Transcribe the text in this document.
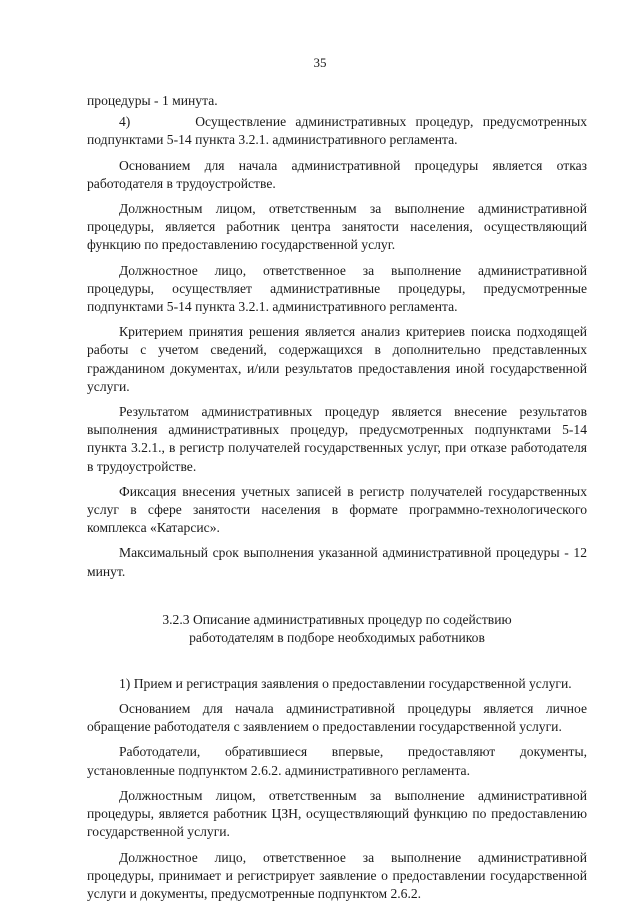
35

процедуры - 1 минута.

4)       Осуществление административных процедур, предусмотренных подпунктами 5-14 пункта 3.2.1. административного регламента.

Основанием для начала административной процедуры является отказ работодателя в трудоустройстве.

Должностным лицом, ответственным за выполнение административной процедуры, является работник центра занятости населения, осуществляющий функцию по предоставлению государственной услуг.

Должностное лицо, ответственное за выполнение административной процедуры, осуществляет административные процедуры, предусмотренные подпунктами 5-14 пункта 3.2.1. административного регламента.

Критерием принятия решения является анализ критериев поиска подходящей работы с учетом сведений, содержащихся в дополнительно представленных гражданином документах, и/или результатов предоставления иной государственной услуги.

Результатом административных процедур является внесение результатов выполнения административных процедур, предусмотренных подпунктами 5-14 пункта 3.2.1., в регистр получателей государственных услуг, при отказе работодателя в трудоустройстве.

Фиксация внесения учетных записей в регистр получателей государственных услуг в сфере занятости населения в формате программно-технологического комплекса «Катарсис».

Максимальный срок выполнения указанной административной процедуры - 12 минут.

3.2.3 Описание административных процедур по содействию
работодателям в подборе необходимых работников

1) Прием и регистрация заявления о предоставлении государственной услуги.

Основанием для начала административной процедуры является личное обращение работодателя с заявлением о предоставлении государственной услуги.

Работодатели, обратившиеся впервые, предоставляют документы, установленные подпунктом 2.6.2. административного регламента.

Должностным лицом, ответственным за выполнение административной процедуры, является работник ЦЗН, осуществляющий функцию по предоставлению государственной услуги.

Должностное лицо, ответственное за выполнение административной процедуры, принимает и регистрирует заявление о предоставлении государственной услуги и документы, предусмотренные подпунктом 2.6.2.
